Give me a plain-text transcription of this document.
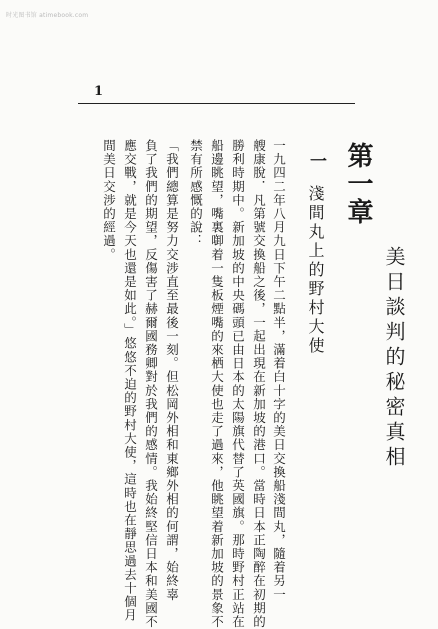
时光图书馆 atimebook.com
1
第一章
美日談判的秘密真相
一
淺間丸上的野村大使
一九四二年八月九日下午二點半，滿着白十字的美日交換船淺間丸，隨着另一
艘康脫．凡第號交換船之後，一起出現在新加坡的港口。當時日本正陶醉在初期的
勝利時期中。新加坡的中央碼頭已由日本的太陽旗代替了英國旗。那時野村正站在
船邊眺望，嘴裏啣着一隻板煙嘴的來栖大使也走了過來，他眺望着新加坡的景象不
禁有所感慨的說：
「我們總算是努力交涉直至最後一刻。但松岡外相和東鄉外相的何謂，始終辜
負了我們的期望，反傷害了赫爾國務卿對於我們的感情。我始終堅信日本和美國不
應交戰，就是今天也還是如此。」悠悠不迫的野村大使，這時也在靜思過去十個月
間美日交涉的經過。
